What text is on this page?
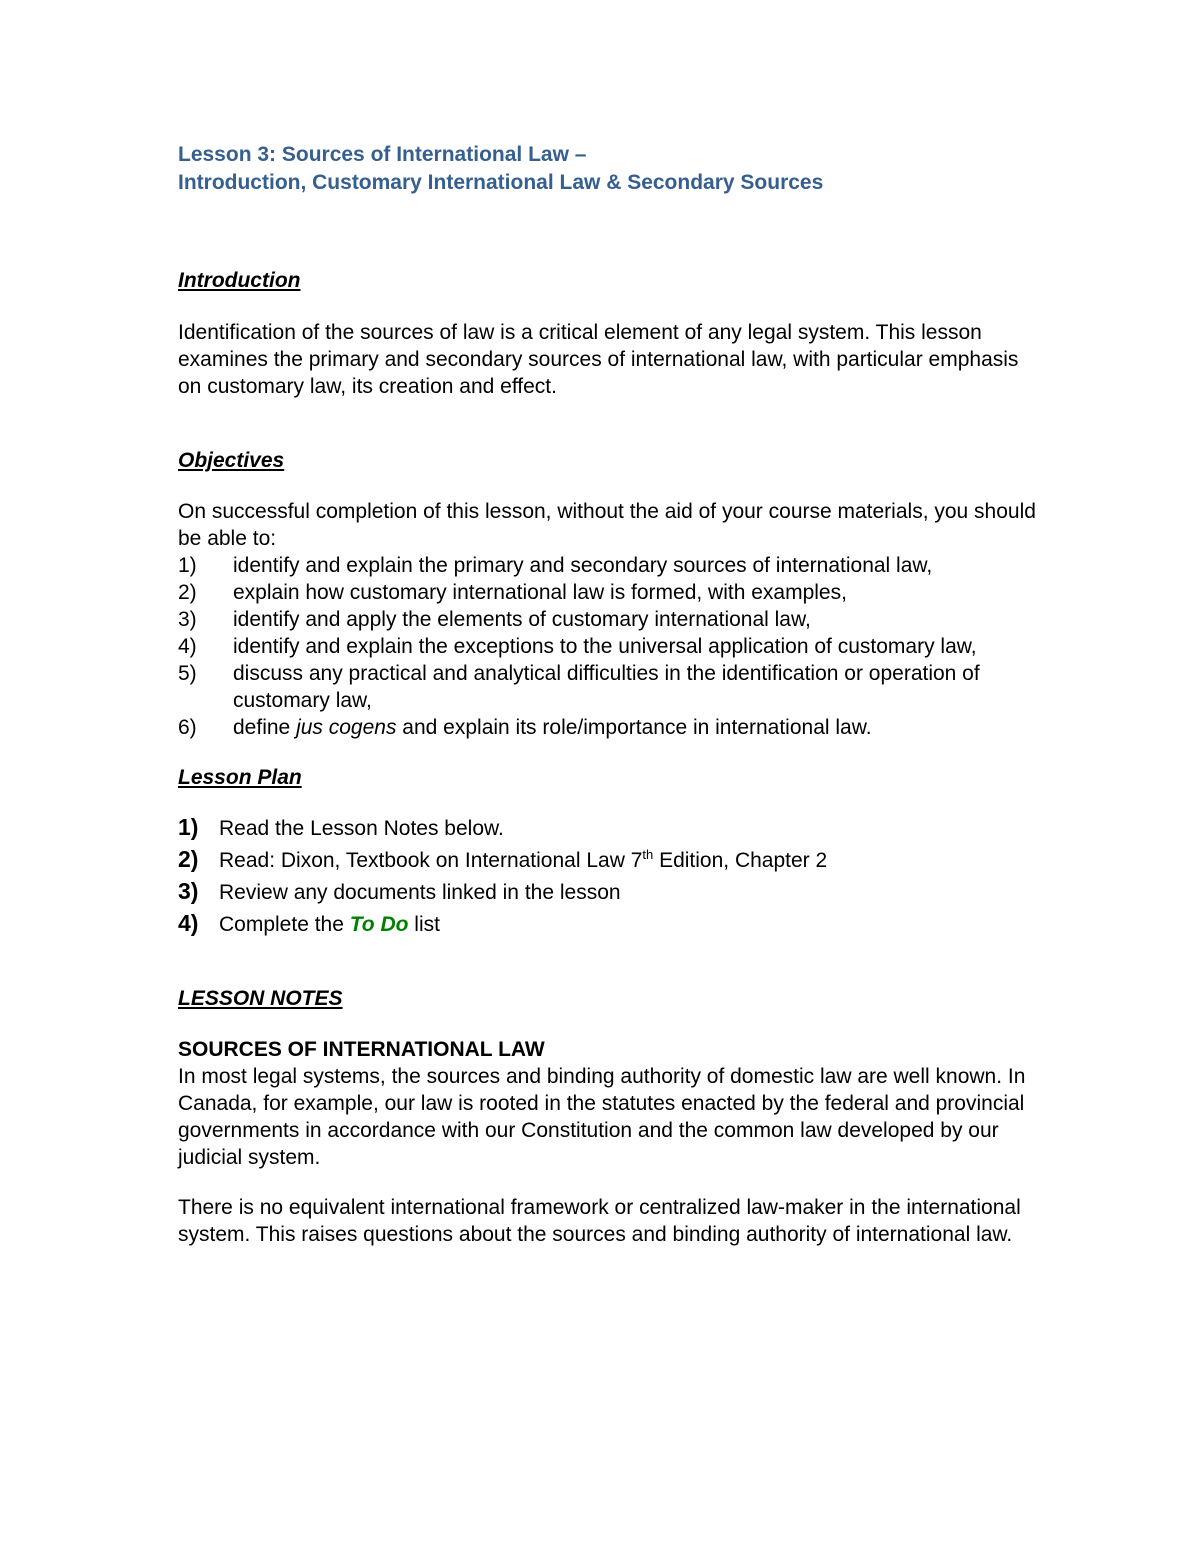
Lesson 3: Sources of International Law –
Introduction, Customary International Law & Secondary Sources
Introduction

Identification of the sources of law is a critical element of any legal system. This lesson examines the primary and secondary sources of international law, with particular emphasis on customary law, its creation and effect.

Objectives

On successful completion of this lesson, without the aid of your course materials, you should be able to:

1)	identify and explain the primary and secondary sources of international law,
2)	explain how customary international law is formed, with examples,
3)	identify and apply the elements of customary international law,
4)	identify and explain the exceptions to the universal application of customary law,
5)	discuss any practical and analytical difficulties in the identification or operation of customary law,
6)	define jus cogens and explain its role/importance in international law.
Lesson Plan
1) Read the Lesson Notes below.
2) Read: Dixon, Textbook on International Law 7th Edition, Chapter 2
3) Review any documents linked in the lesson
4) Complete the To Do list
LESSON NOTES
SOURCES OF INTERNATIONAL LAW

In most legal systems, the sources and binding authority of domestic law are well known. In Canada, for example, our law is rooted in the statutes enacted by the federal and provincial governments in accordance with our Constitution and the common law developed by our judicial system.

There is no equivalent international framework or centralized law-maker in the international system. This raises questions about the sources and binding authority of international law.
